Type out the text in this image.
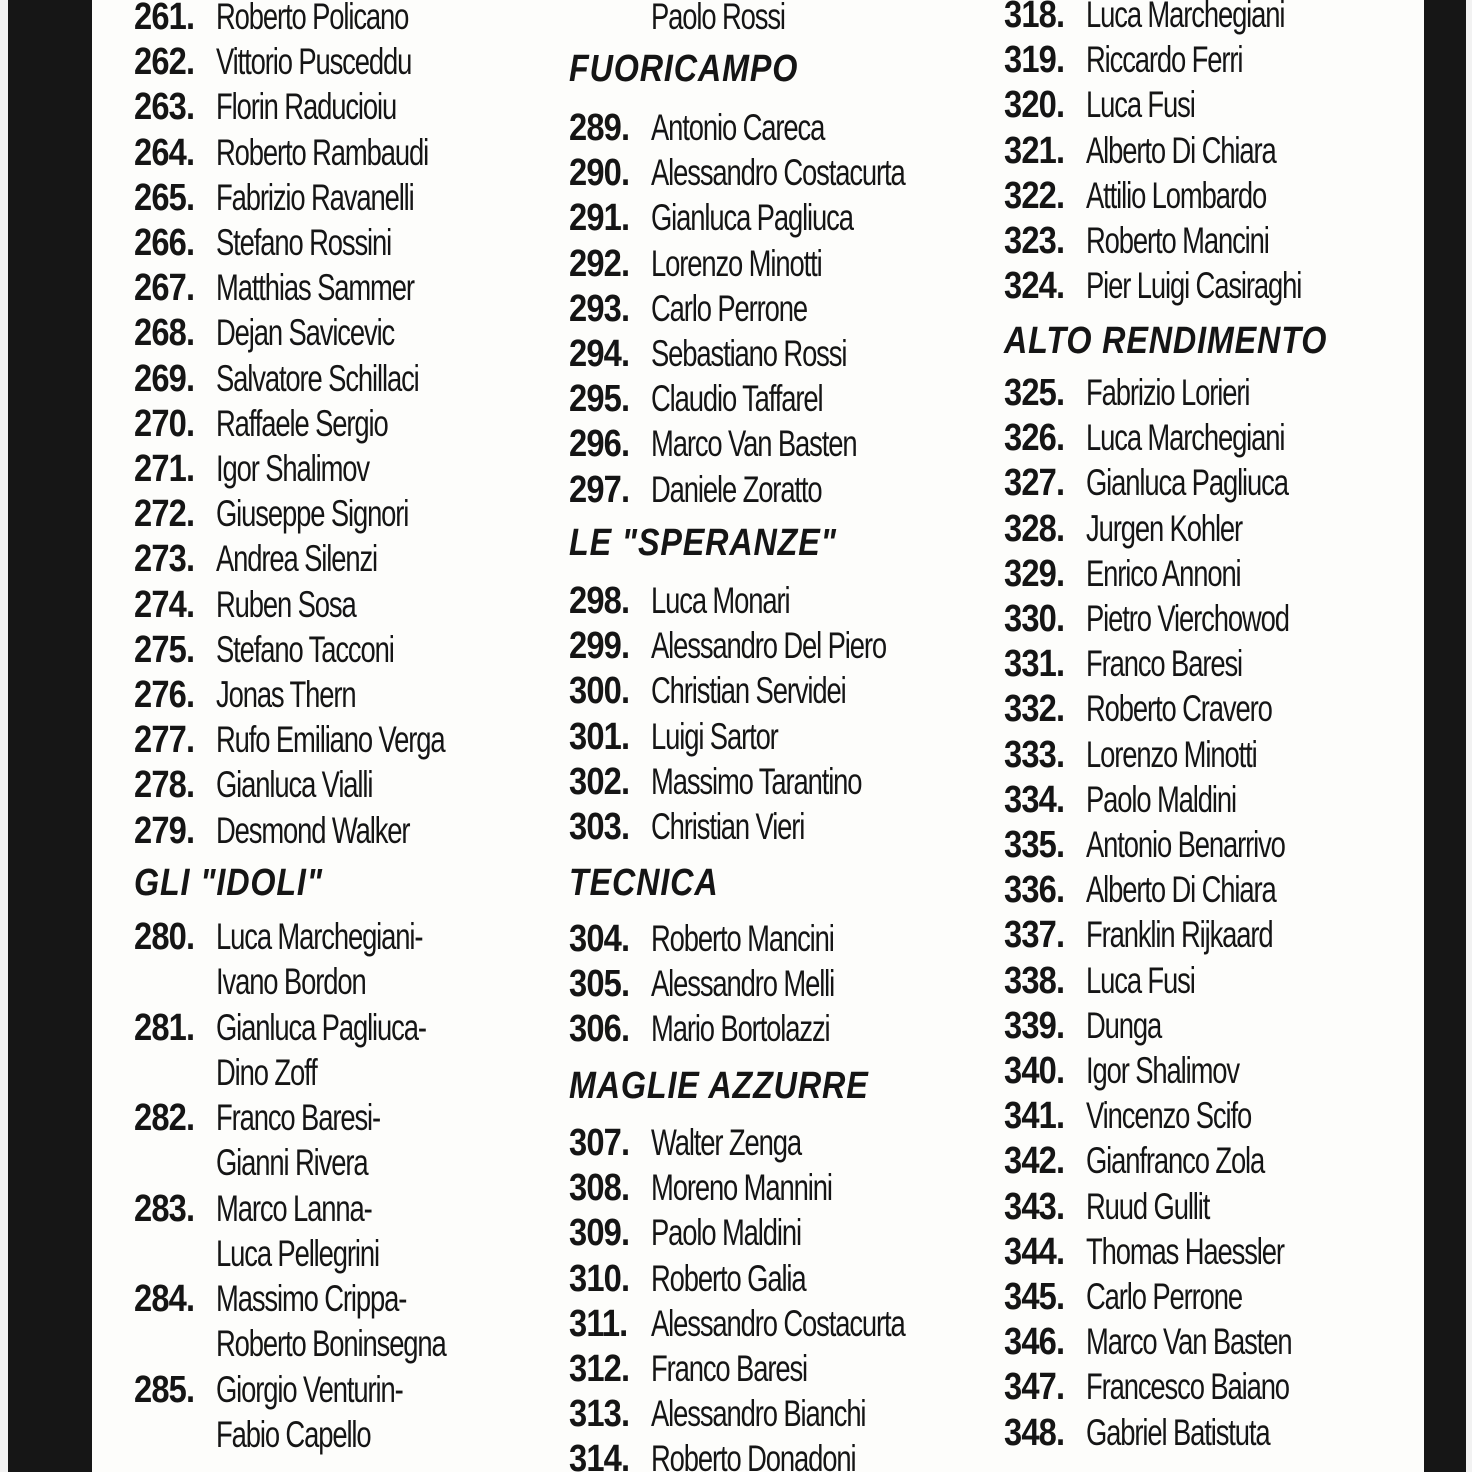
261. Roberto Policano
262. Vittorio Pusceddu
263. Florin Raducioiu
264. Roberto Rambaudi
265. Fabrizio Ravanelli
266. Stefano Rossini
267. Matthias Sammer
268. Dejan Savicevic
269. Salvatore Schillaci
270. Raffaele Sergio
271. Igor Shalimov
272. Giuseppe Signori
273. Andrea Silenzi
274. Ruben Sosa
275. Stefano Tacconi
276. Jonas Thern
277. Rufo Emiliano Verga
278. Gianluca Vialli
279. Desmond Walker
GLI "IDOLI"
280. Luca Marchegiani-
Ivano Bordon
281. Gianluca Pagliuca-
Dino Zoff
282. Franco Baresi-
Gianni Rivera
283. Marco Lanna-
Luca Pellegrini
284. Massimo Crippa-
Roberto Boninsegna
285. Giorgio Venturin-
Fabio Capello
Paolo Rossi
FUORICAMPO
289. Antonio Careca
290. Alessandro Costacurta
291. Gianluca Pagliuca
292. Lorenzo Minotti
293. Carlo Perrone
294. Sebastiano Rossi
295. Claudio Taffarel
296. Marco Van Basten
297. Daniele Zoratto
LE "SPERANZE"
298. Luca Monari
299. Alessandro Del Piero
300. Christian Servidei
301. Luigi Sartor
302. Massimo Tarantino
303. Christian Vieri
TECNICA
304. Roberto Mancini
305. Alessandro Melli
306. Mario Bortolazzi
MAGLIE AZZURRE
307. Walter Zenga
308. Moreno Mannini
309. Paolo Maldini
310. Roberto Galia
311. Alessandro Costacurta
312. Franco Baresi
313. Alessandro Bianchi
314. Roberto Donadoni
318. Luca Marchegiani
319. Riccardo Ferri
320. Luca Fusi
321. Alberto Di Chiara
322. Attilio Lombardo
323. Roberto Mancini
324. Pier Luigi Casiraghi
ALTO RENDIMENTO
325. Fabrizio Lorieri
326. Luca Marchegiani
327. Gianluca Pagliuca
328. Jurgen Kohler
329. Enrico Annoni
330. Pietro Vierchowod
331. Franco Baresi
332. Roberto Cravero
333. Lorenzo Minotti
334. Paolo Maldini
335. Antonio Benarrivo
336. Alberto Di Chiara
337. Franklin Rijkaard
338. Luca Fusi
339. Dunga
340. Igor Shalimov
341. Vincenzo Scifo
342. Gianfranco Zola
343. Ruud Gullit
344. Thomas Haessler
345. Carlo Perrone
346. Marco Van Basten
347. Francesco Baiano
348. Gabriel Batistuta
